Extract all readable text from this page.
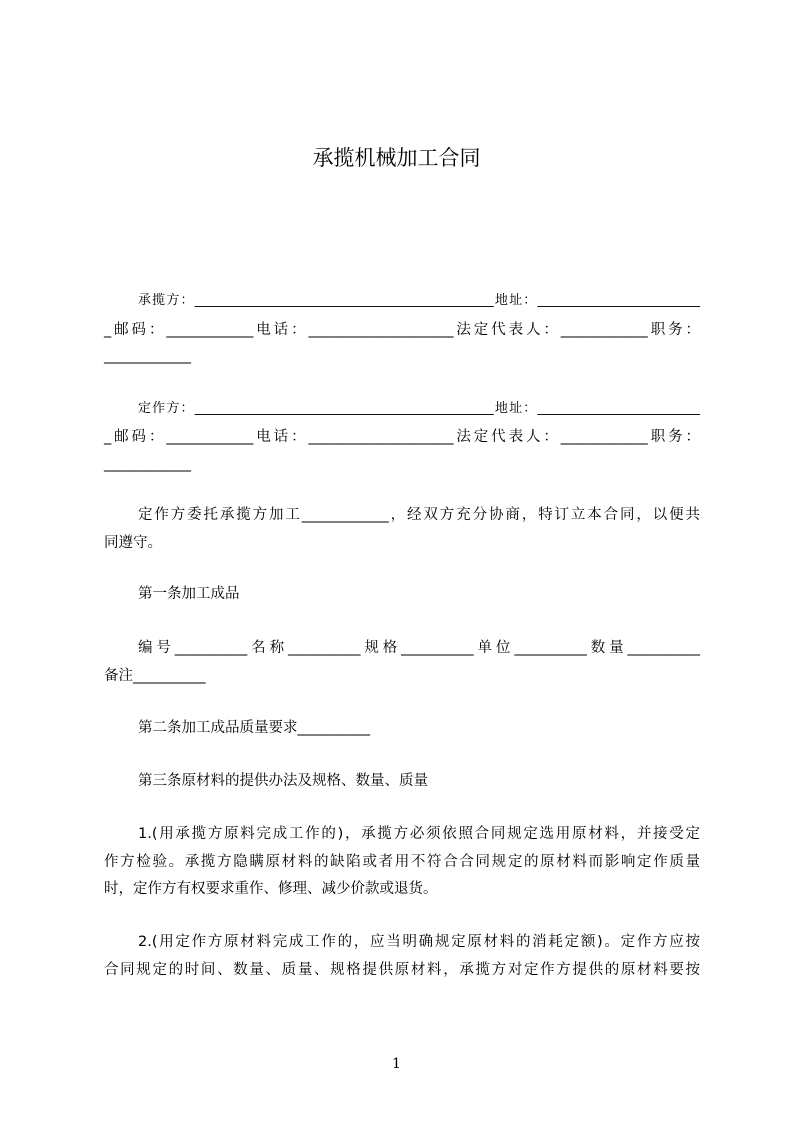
承揽机械加工合同
承揽方：______________________________________________地址：_________________________
_邮码：____________电话：____________________法定代表人：____________职务：
____________
定作方：______________________________________________地址：_________________________
_邮码：____________电话：____________________法定代表人：____________职务：
____________
定作方委托承揽方加工____________，经双方充分协商，特订立本合同，以便共
同遵守。
第一条加工成品
编号__________名称__________规格__________单位__________数量__________
备注__________
第二条加工成品质量要求__________
第三条原材料的提供办法及规格、数量、质量
1.(用承揽方原料完成工作的)，承揽方必须依照合同规定选用原材料，并接受定
作方检验。承揽方隐瞒原材料的缺陷或者用不符合合同规定的原材料而影响定作质量
时，定作方有权要求重作、修理、减少价款或退货。
2.(用定作方原材料完成工作的，应当明确规定原材料的消耗定额)。定作方应按
合同规定的时间、数量、质量、规格提供原材料，承揽方对定作方提供的原材料要按
1
